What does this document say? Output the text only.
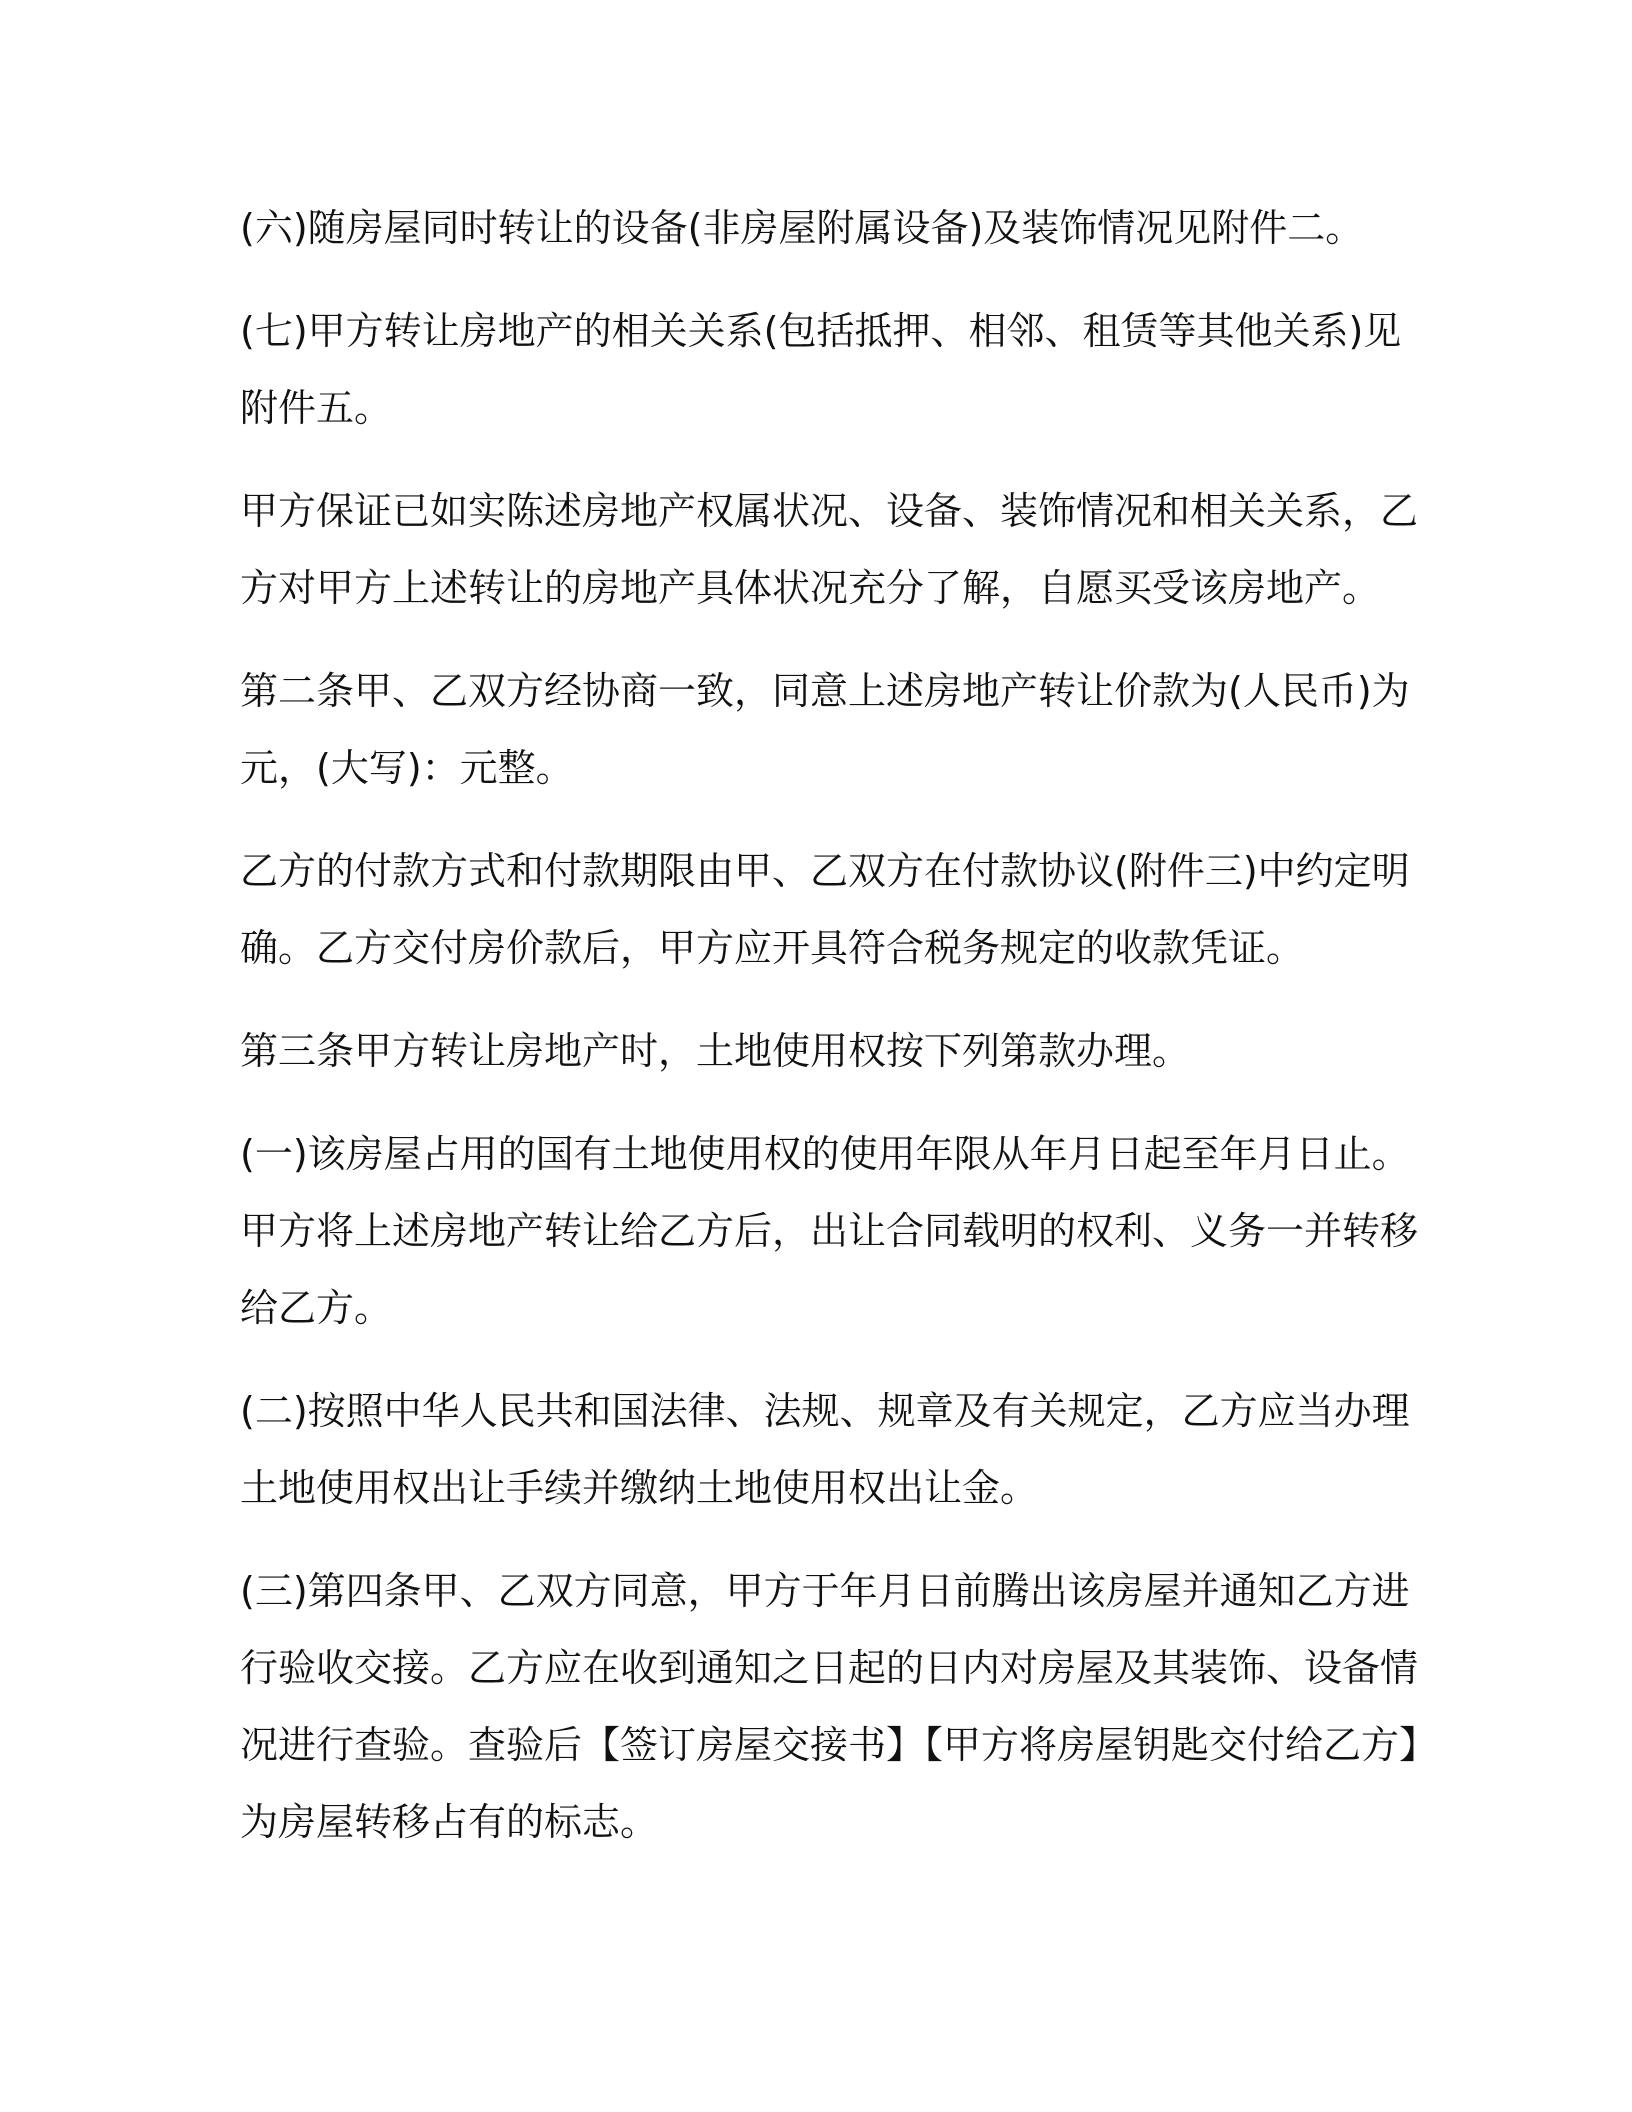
(六)随房屋同时转让的设备(非房屋附属设备)及装饰情况见附件二。

(七)甲方转让房地产的相关关系(包括抵押、相邻、租赁等其他关系)见附件五。

甲方保证已如实陈述房地产权属状况、设备、装饰情况和相关关系，乙方对甲方上述转让的房地产具体状况充分了解，自愿买受该房地产。

第二条甲、乙双方经协商一致，同意上述房地产转让价款为(人民币)为元，(大写)：元整。

乙方的付款方式和付款期限由甲、乙双方在付款协议(附件三)中约定明确。乙方交付房价款后，甲方应开具符合税务规定的收款凭证。

第三条甲方转让房地产时，土地使用权按下列第款办理。

(一)该房屋占用的国有土地使用权的使用年限从年月日起至年月日止。甲方将上述房地产转让给乙方后，出让合同载明的权利、义务一并转移给乙方。

(二)按照中华人民共和国法律、法规、规章及有关规定，乙方应当办理土地使用权出让手续并缴纳土地使用权出让金。

(三)第四条甲、乙双方同意，甲方于年月日前腾出该房屋并通知乙方进行验收交接。乙方应在收到通知之日起的日内对房屋及其装饰、设备情况进行查验。查验后【签订房屋交接书】【甲方将房屋钥匙交付给乙方】为房屋转移占有的标志。
